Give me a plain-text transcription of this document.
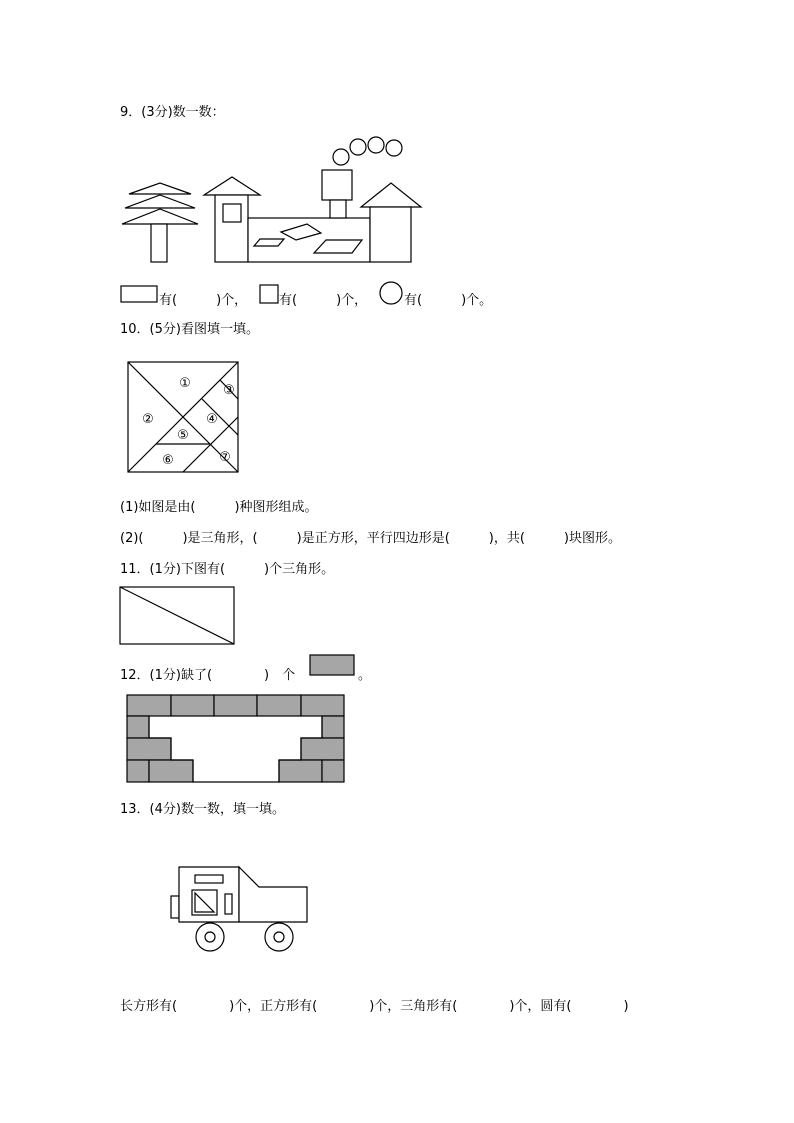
9．(3分)数一数：
有(　　　)个， 有(　　　)个，	有(　　　)个。
10．(5分)看图填一填。
①
②
③
④
⑤
⑥	⑦
(1)如图是由(　　　)种图形组成。
(2)(　　　)是三角形，(　　　)是正方形，平行四边形是(　　　)，共(　　　)块图形。
11．(1分)下图有(　　　)个三角形。
12．(1分)缺了(　　　　)　个	。
13．(4分)数一数，填一填。
长方形有(　　　　)个，正方形有(　　　　)个，三角形有(　　　　)个，圆有(　　　　)
